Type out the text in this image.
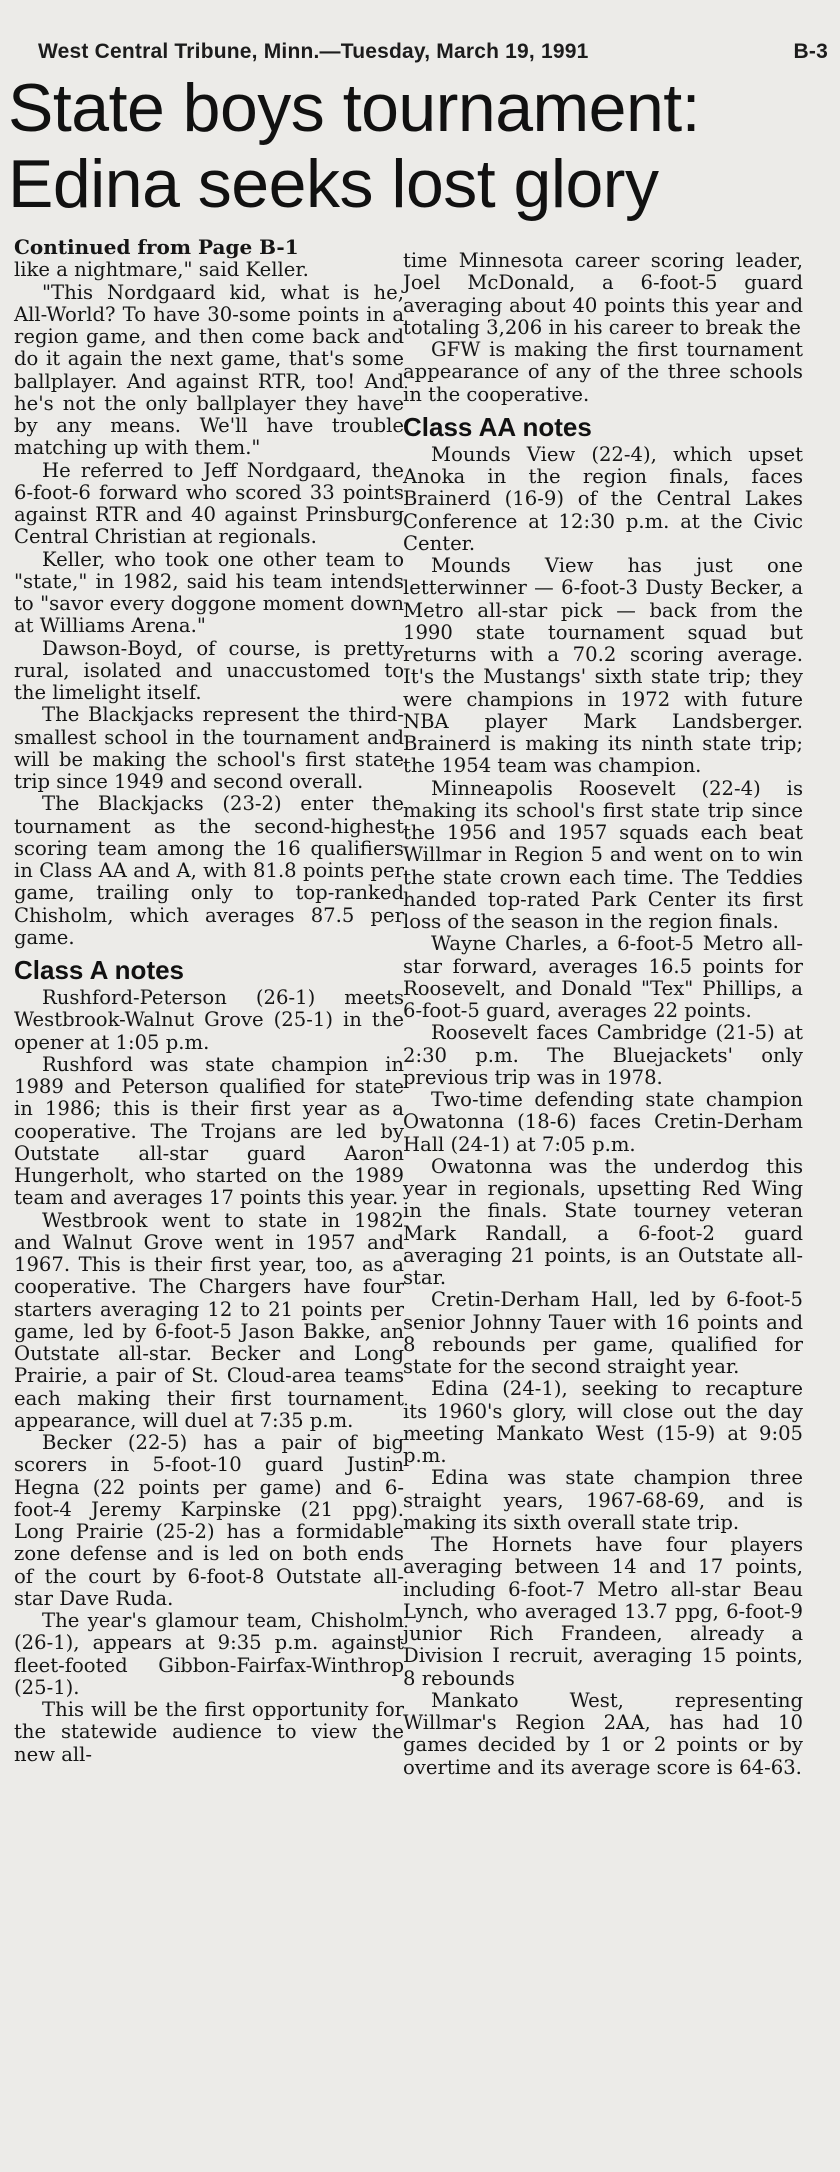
West Central Tribune, Minn.—Tuesday, March 19, 1991	B-3
State boys tournament:
Edina seeks lost glory

Continued from Page B-1

like a nightmare," said Keller.

"This Nordgaard kid, what is he, All-World? To have 30-some points in a region game, and then come back and do it again the next game, that's some ballplayer. And against RTR, too! And he's not the only ballplayer they have by any means. We'll have trouble matching up with them."

He referred to Jeff Nordgaard, the 6-foot-6 forward who scored 33 points against RTR and 40 against Prinsburg Central Christian at regionals.

Keller, who took one other team to "state," in 1982, said his team intends to "savor every doggone moment down at Williams Arena."

Dawson-Boyd, of course, is pretty rural, isolated and unaccustomed to the limelight itself.

The Blackjacks represent the third-smallest school in the tournament and will be making the school's first state trip since 1949 and second overall.

The Blackjacks (23-2) enter the tournament as the second-highest scoring team among the 16 qualifiers in Class AA and A, with 81.8 points per game, trailing only to top-ranked Chisholm, which averages 87.5 per game.

Class A notes

Rushford-Peterson (26-1) meets Westbrook-Walnut Grove (25-1) in the opener at 1:05 p.m.

Rushford was state champion in 1989 and Peterson qualified for state in 1986; this is their first year as a cooperative. The Trojans are led by Outstate all-star guard Aaron Hungerholt, who started on the 1989 team and averages 17 points this year.

Westbrook went to state in 1982 and Walnut Grove went in 1957 and 1967. This is their first year, too, as a cooperative. The Chargers have four starters averaging 12 to 21 points per game, led by 6-foot-5 Jason Bakke, an Outstate all-star. Becker and Long Prairie, a pair of St. Cloud-area teams each making their first tournament appearance, will duel at 7:35 p.m.

Becker (22-5) has a pair of big scorers in 5-foot-10 guard Justin Hegna (22 points per game) and 6-foot-4 Jeremy Karpinske (21 ppg). Long Prairie (25-2) has a formidable zone defense and is led on both ends of the court by 6-foot-8 Outstate all-star Dave Ruda.

The year's glamour team, Chisholm (26-1), appears at 9:35 p.m. against fleet-footed Gibbon-Fairfax-Winthrop (25-1).

This will be the first opportunity for the statewide audience to view the new all-

time Minnesota career scoring leader, Joel McDonald, a 6-foot-5 guard averaging about 40 points this year and totaling 3,206 in his career to break the

GFW is making the first tournament appearance of any of the three schools in the cooperative.

Class AA notes

Mounds View (22-4), which upset Anoka in the region finals, faces Brainerd (16-9) of the Central Lakes Conference at 12:30 p.m. at the Civic Center.

Mounds View has just one letterwinner — 6-foot-3 Dusty Becker, a Metro all-star pick — back from the 1990 state tournament squad but returns with a 70.2 scoring average. It's the Mustangs' sixth state trip; they were champions in 1972 with future NBA player Mark Landsberger. Brainerd is making its ninth state trip; the 1954 team was champion.

Minneapolis Roosevelt (22-4) is making its school's first state trip since the 1956 and 1957 squads each beat Willmar in Region 5 and went on to win the state crown each time. The Teddies handed top-rated Park Center its first loss of the season in the region finals.

Wayne Charles, a 6-foot-5 Metro all-star forward, averages 16.5 points for Roosevelt, and Donald "Tex" Phillips, a 6-foot-5 guard, averages 22 points.

Roosevelt faces Cambridge (21-5) at 2:30 p.m. The Bluejackets' only previous trip was in 1978.

Two-time defending state champion Owatonna (18-6) faces Cretin-Derham Hall (24-1) at 7:05 p.m.

Owatonna was the underdog this year in regionals, upsetting Red Wing in the finals. State tourney veteran Mark Randall, a 6-foot-2 guard averaging 21 points, is an Outstate all-star.

Cretin-Derham Hall, led by 6-foot-5 senior Johnny Tauer with 16 points and 8 rebounds per game, qualified for state for the second straight year.

Edina (24-1), seeking to recapture its 1960's glory, will close out the day meeting Mankato West (15-9) at 9:05 p.m.

Edina was state champion three straight years, 1967-68-69, and is making its sixth overall state trip.

The Hornets have four players averaging between 14 and 17 points, including 6-foot-7 Metro all-star Beau Lynch, who averaged 13.7 ppg, 6-foot-9 junior Rich Frandeen, already a Division I recruit, averaging 15 points, 8 rebounds

Mankato West, representing Willmar's Region 2AA, has had 10 games decided by 1 or 2 points or by overtime and its average score is 64-63.
